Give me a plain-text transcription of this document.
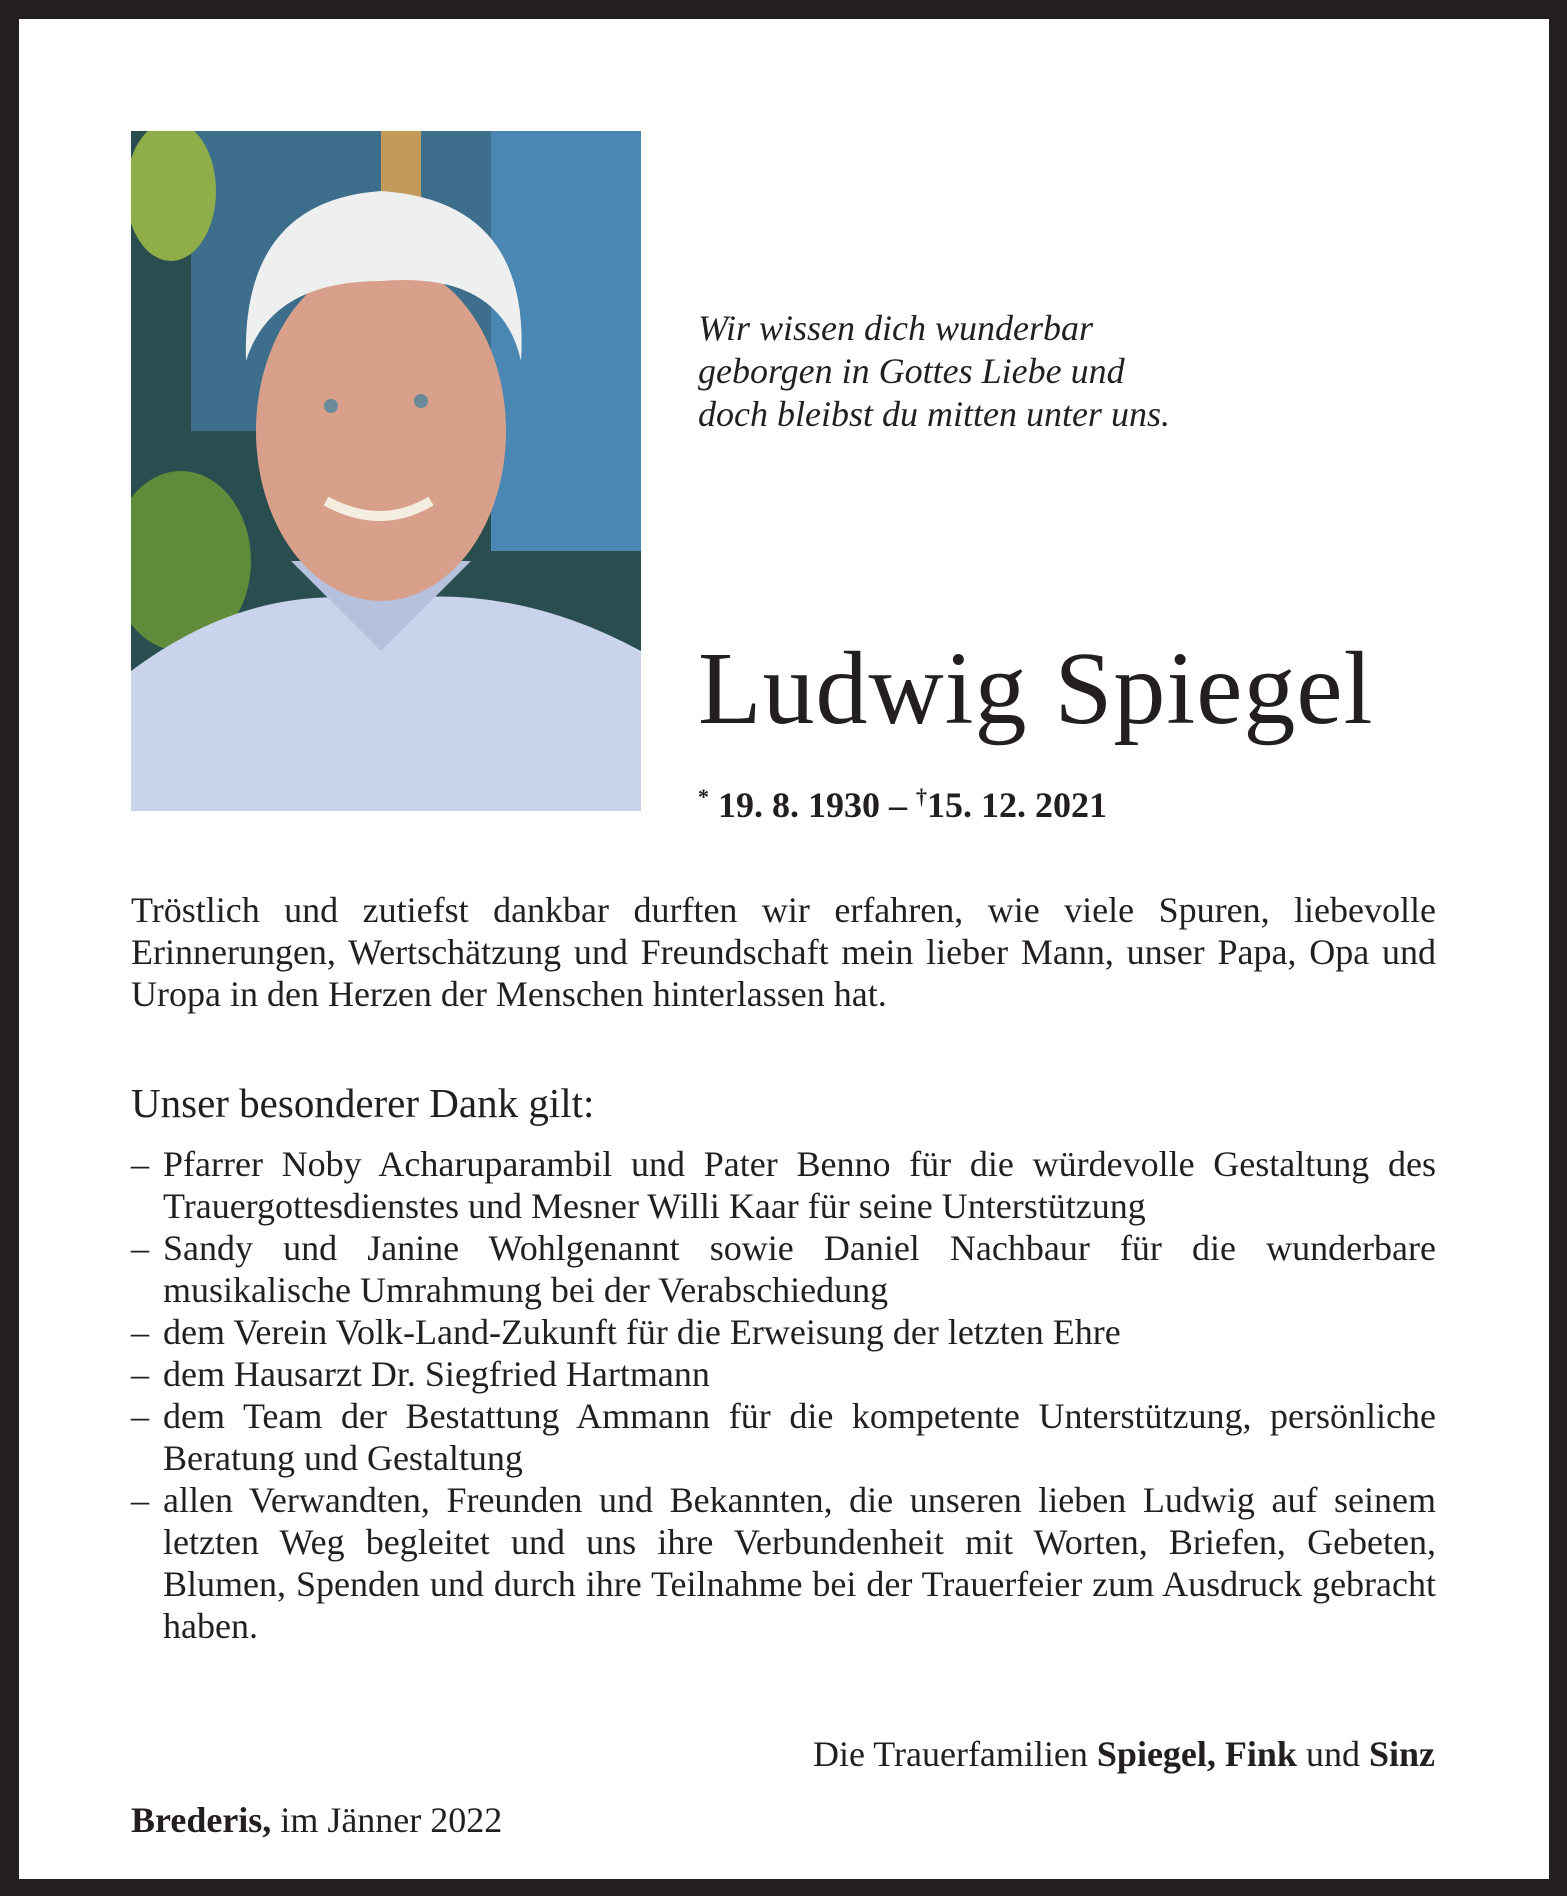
Wir wissen dich wunderbar
geborgen in Gottes Liebe und
doch bleibst du mitten unter uns.
Ludwig Spiegel
* 19. 8. 1930 – †15. 12. 2021
Tröstlich und zutiefst dankbar durften wir erfahren, wie viele Spuren, liebevolle Erinnerungen, Wertschätzung und Freundschaft mein lieber Mann, unser Papa, Opa und Uropa in den Herzen der Menschen hinterlassen hat.
Unser besonderer Dank gilt:
– Pfarrer Noby Acharuparambil und Pater Benno für die würdevolle Gestaltung des Trauergottesdienstes und Mesner Willi Kaar für seine Unterstützung
– Sandy und Janine Wohlgenannt sowie Daniel Nachbaur für die wunderbare musikalische Umrahmung bei der Verabschiedung
– dem Verein Volk-Land-Zukunft für die Erweisung der letzten Ehre
– dem Hausarzt Dr. Siegfried Hartmann
– dem Team der Bestattung Ammann für die kompetente Unterstützung, persönliche Beratung und Gestaltung
– allen Verwandten, Freunden und Bekannten, die unseren lieben Ludwig auf seinem letzten Weg begleitet und uns ihre Verbundenheit mit Worten, Briefen, Gebeten, Blumen, Spenden und durch ihre Teilnahme bei der Trauerfeier zum Ausdruck gebracht haben.
Die Trauerfamilien Spiegel, Fink und Sinz
Brederis, im Jänner 2022
